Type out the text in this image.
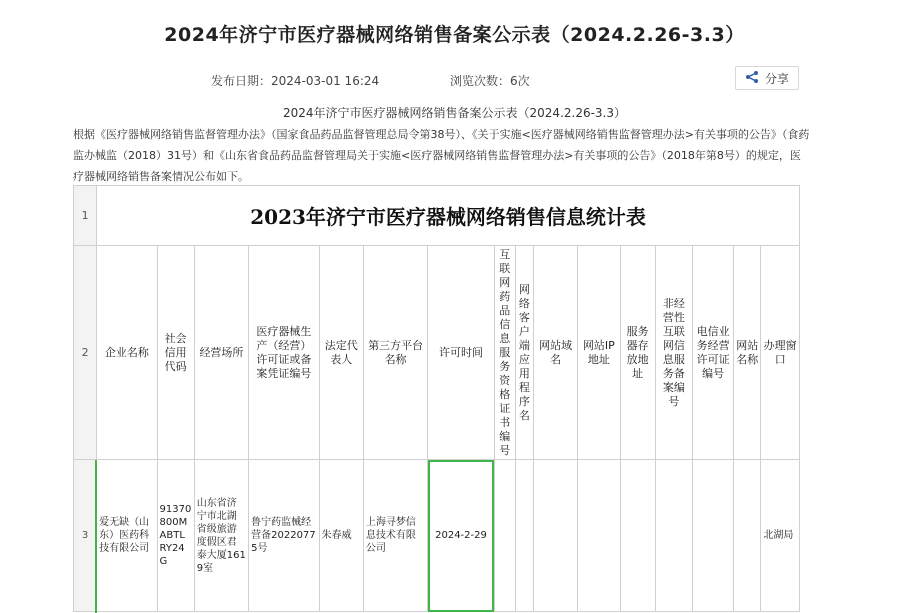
2024年济宁市医疗器械网络销售备案公示表（2024.2.26-3.3）
发布日期：2024-03-01 16:24	浏览次数：6次	分享
2024年济宁市医疗器械网络销售备案公示表（2024.2.26-3.3）
根据《医疗器械网络销售监督管理办法》（国家食品药品监督管理总局令第38号）、《关于实施<医疗器械网络销售监督管理办法>有关事项的公告》（食药监办械监（2018）31号）和《山东省食品药品监督管理局关于实施<医疗器械网络销售监督管理办法>有关事项的公告》（2018年第8号）的规定，医疗器械网络销售备案情况公布如下。
1	2023年济宁市医疗器械网络销售信息统计表															
2	企业名称	社会信用代码	经营场所	医疗器械生产（经营）许可证或备案凭证编号	法定代表人	第三方平台名称	许可时间	互联网药品信息服务资格证书编号	网络客户端应用程序名	网站域名	网站IP地址	服务器存放地址	非经营性互联网信息服务备案编号	电信业务经营许可证编号	网站名称	办理窗口
3	爱无缺（山东）医药科技有限公司	91370800MABTLRY24G	山东省济宁市北湖省级旅游度假区君泰大厦1619室	鲁宁药监械经营备20220775号	朱春威	上海寻梦信息技术有限公司	2024-2-29									北湖局
